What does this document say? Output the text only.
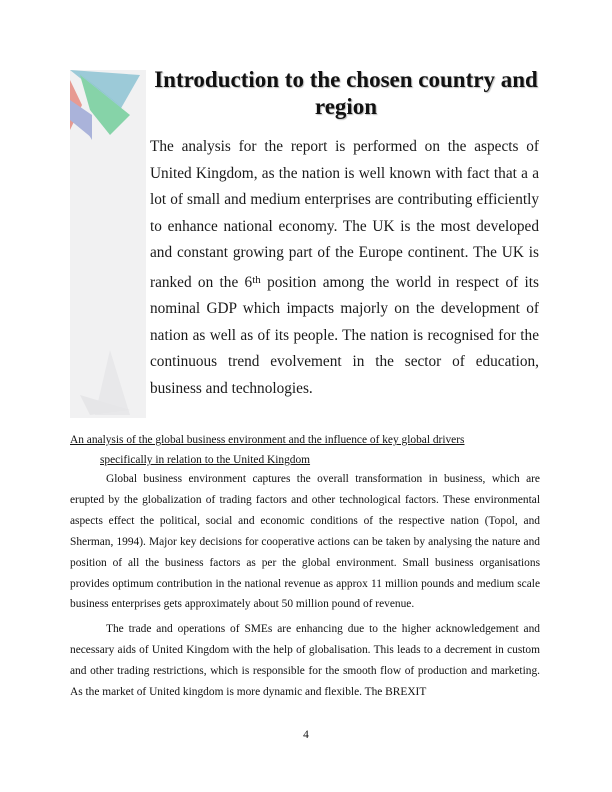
Introduction to the chosen country and region
The analysis for the report is performed on the aspects of United Kingdom, as the nation is well known with fact that a a lot of small and medium enterprises are contributing efficiently to enhance national economy. The UK is the most developed and constant growing part of the Europe continent. The UK is ranked on the 6th position among the world in respect of its nominal GDP which impacts majorly on the development of nation as well as of its people. The nation is recognised for the continuous trend evolvement in the sector of education, business and technologies.
An analysis of the global business environment and the influence of key global drivers
specifically in relation to the United Kingdom

Global business environment captures the overall transformation in business, which are erupted by the globalization of trading factors and other technological factors. These environmental aspects effect the political, social and economic conditions of the respective nation (Topol, and Sherman, 1994). Major key decisions for cooperative actions can be taken by analysing the nature and position of all the business factors as per the global environment. Small business organisations provides optimum contribution in the national revenue as approx 11 million pounds and medium scale business enterprises gets approximately about 50 million pound of revenue.

The trade and operations of SMEs are enhancing due to the higher acknowledgement and necessary aids of United Kingdom with the help of globalisation. This leads to a decrement in custom and other trading restrictions, which is responsible for the smooth flow of production and marketing. As the market of United kingdom is more dynamic and flexible. The BREXIT

4
